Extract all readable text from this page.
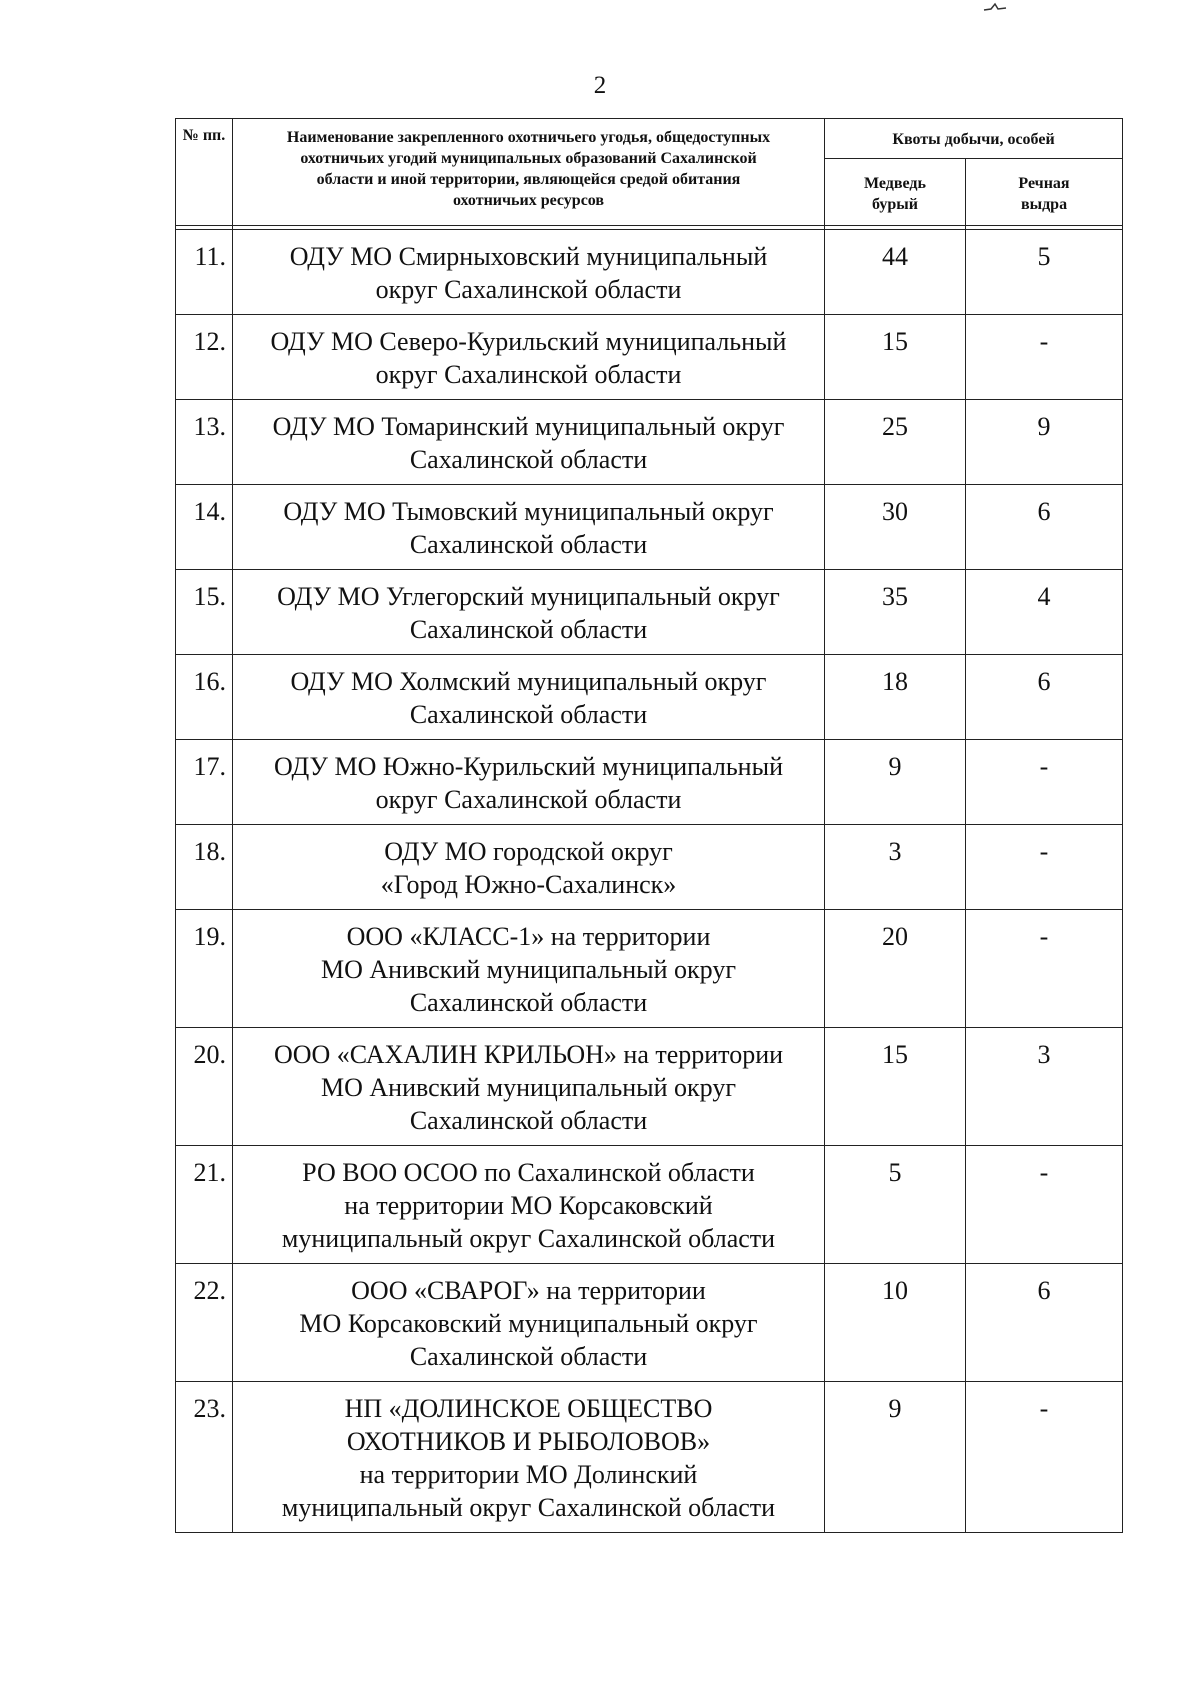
2
№ пп.	Наименование закрепленного охотничьего угодья, общедоступных охотничьих угодий муниципальных образований Сахалинской области и иной территории, являющейся средой обитания охотничьих ресурсов	Квоты добычи, особей	
		Медведь бурый	Речная выдра

11.	ОДУ МО Смирныховский муниципальный
округ Сахалинской области	44	5
12.	ОДУ МО Северо-Курильский муниципальный
округ Сахалинской области	15	-
13.	ОДУ МО Томаринский муниципальный округ
Сахалинской области	25	9
14.	ОДУ МО Тымовский муниципальный округ
Сахалинской области	30	6
15.	ОДУ МО Углегорский муниципальный округ
Сахалинской области	35	4
16.	ОДУ МО Холмский муниципальный округ
Сахалинской области	18	6
17.	ОДУ МО Южно-Курильский муниципальный
округ Сахалинской области	9	-
18.	ОДУ МО городской округ
«Город Южно-Сахалинск»	3	-
19.	ООО «КЛАСС-1» на территории
МО Анивский муниципальный округ
Сахалинской области	20	-
20.	ООО «САХАЛИН КРИЛЬОН» на территории
МО Анивский муниципальный округ
Сахалинской области	15	3
21.	РО ВОО ОСОО по Сахалинской области
на территории МО Корсаковский
муниципальный округ Сахалинской области	5	-
22.	ООО «СВАРОГ» на территории
МО Корсаковский муниципальный округ
Сахалинской области	10	6
23.	НП «ДОЛИНСКОЕ ОБЩЕСТВО
ОХОТНИКОВ И РЫБОЛОВОВ»
на территории МО Долинский
муниципальный округ Сахалинской области	9	-
